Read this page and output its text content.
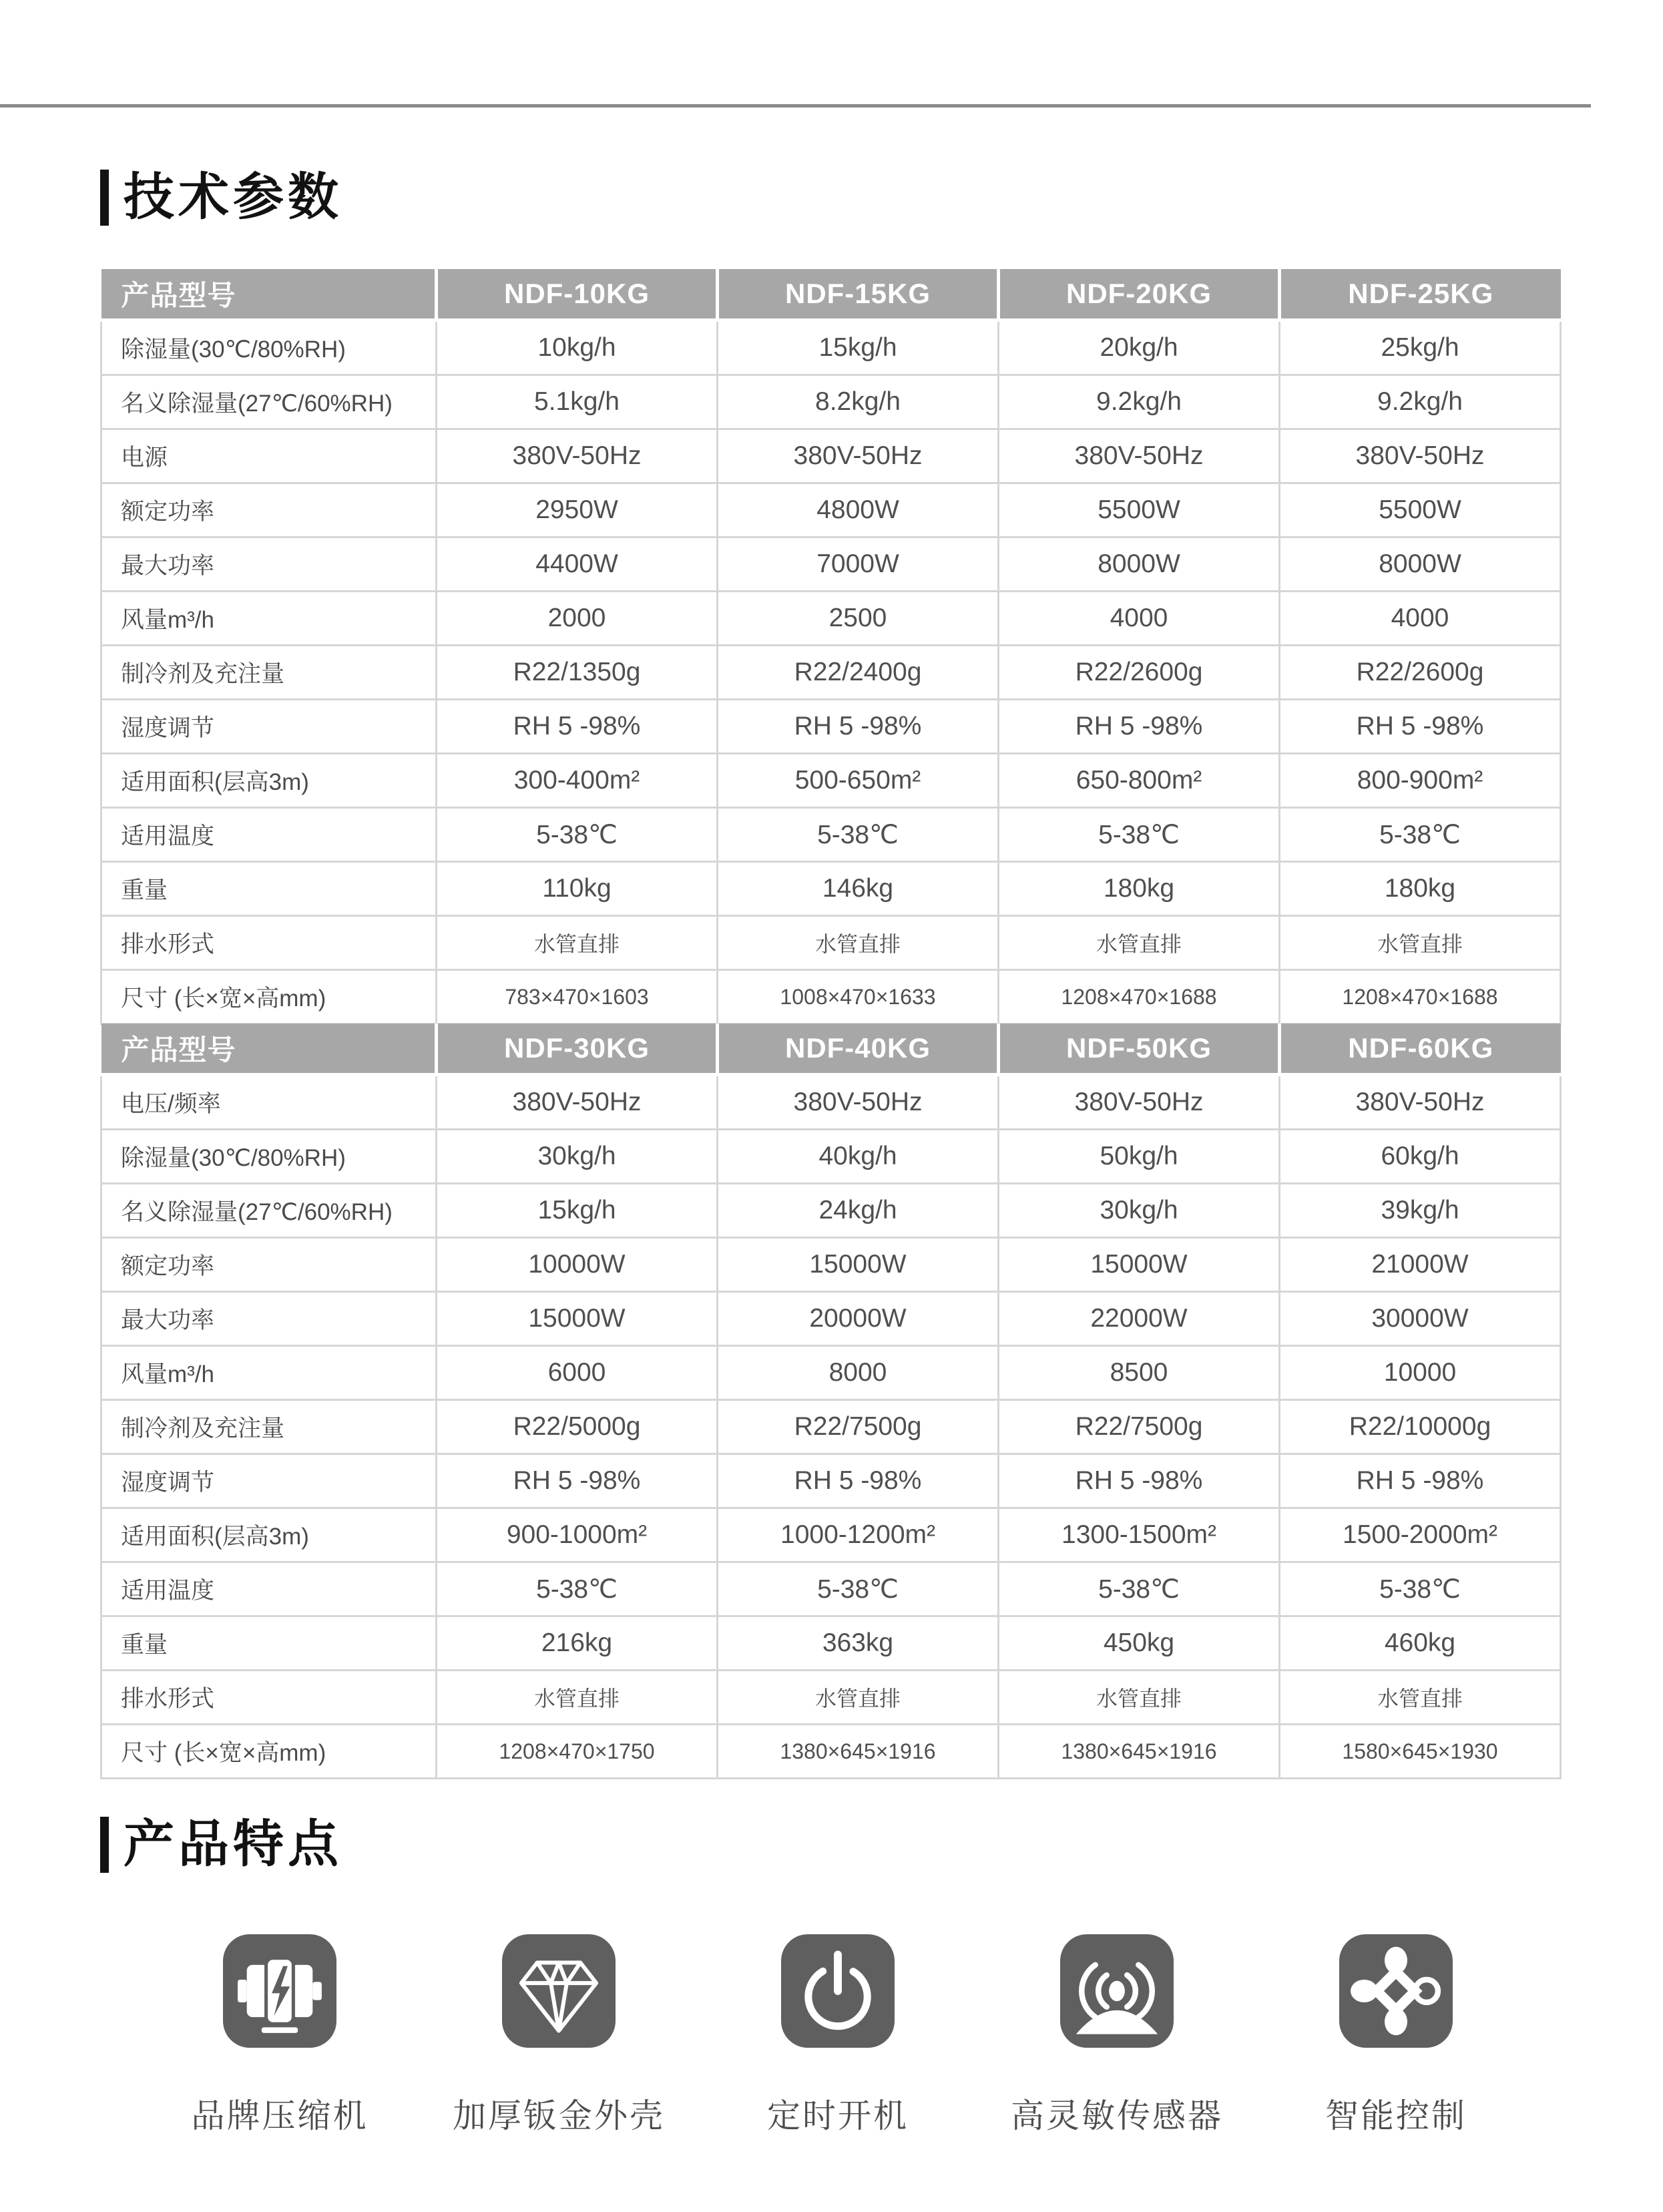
技术参数
产品型号	NDF-10KG	NDF-15KG	NDF-20KG	NDF-25KG
除湿量(30℃/80%RH)	10kg/h	15kg/h	20kg/h	25kg/h
名义除湿量(27℃/60%RH)	5.1kg/h	8.2kg/h	9.2kg/h	9.2kg/h
电源	380V-50Hz	380V-50Hz	380V-50Hz	380V-50Hz
额定功率	2950W	4800W	5500W	5500W
最大功率	4400W	7000W	8000W	8000W
风量m³/h	2000	2500	4000	4000
制冷剂及充注量	R22/1350g	R22/2400g	R22/2600g	R22/2600g
湿度调节	RH 5 -98%	RH 5 -98%	RH 5 -98%	RH 5 -98%
适用面积(层高3m)	300-400m²	500-650m²	650-800m²	800-900m²
适用温度	5-38℃	5-38℃	5-38℃	5-38℃
重量	110kg	146kg	180kg	180kg
排水形式	水管直排	水管直排	水管直排	水管直排
尺寸 (长×宽×高mm)	783×470×1603	1008×470×1633	1208×470×1688	1208×470×1688
产品型号	NDF-30KG	NDF-40KG	NDF-50KG	NDF-60KG
电压/频率	380V-50Hz	380V-50Hz	380V-50Hz	380V-50Hz
除湿量(30℃/80%RH)	30kg/h	40kg/h	50kg/h	60kg/h
名义除湿量(27℃/60%RH)	15kg/h	24kg/h	30kg/h	39kg/h
额定功率	10000W	15000W	15000W	21000W
最大功率	15000W	20000W	22000W	30000W
风量m³/h	6000	8000	8500	10000
制冷剂及充注量	R22/5000g	R22/7500g	R22/7500g	R22/10000g
湿度调节	RH 5 -98%	RH 5 -98%	RH 5 -98%	RH 5 -98%
适用面积(层高3m)	900-1000m²	1000-1200m²	1300-1500m²	1500-2000m²
适用温度	5-38℃	5-38℃	5-38℃	5-38℃
重量	216kg	363kg	450kg	460kg
排水形式	水管直排	水管直排	水管直排	水管直排
尺寸 (长×宽×高mm)	1208×470×1750	1380×645×1916	1380×645×1916	1580×645×1930
产品特点
品牌压缩机	加厚钣金外壳	定时开机	高灵敏传感器	智能控制
